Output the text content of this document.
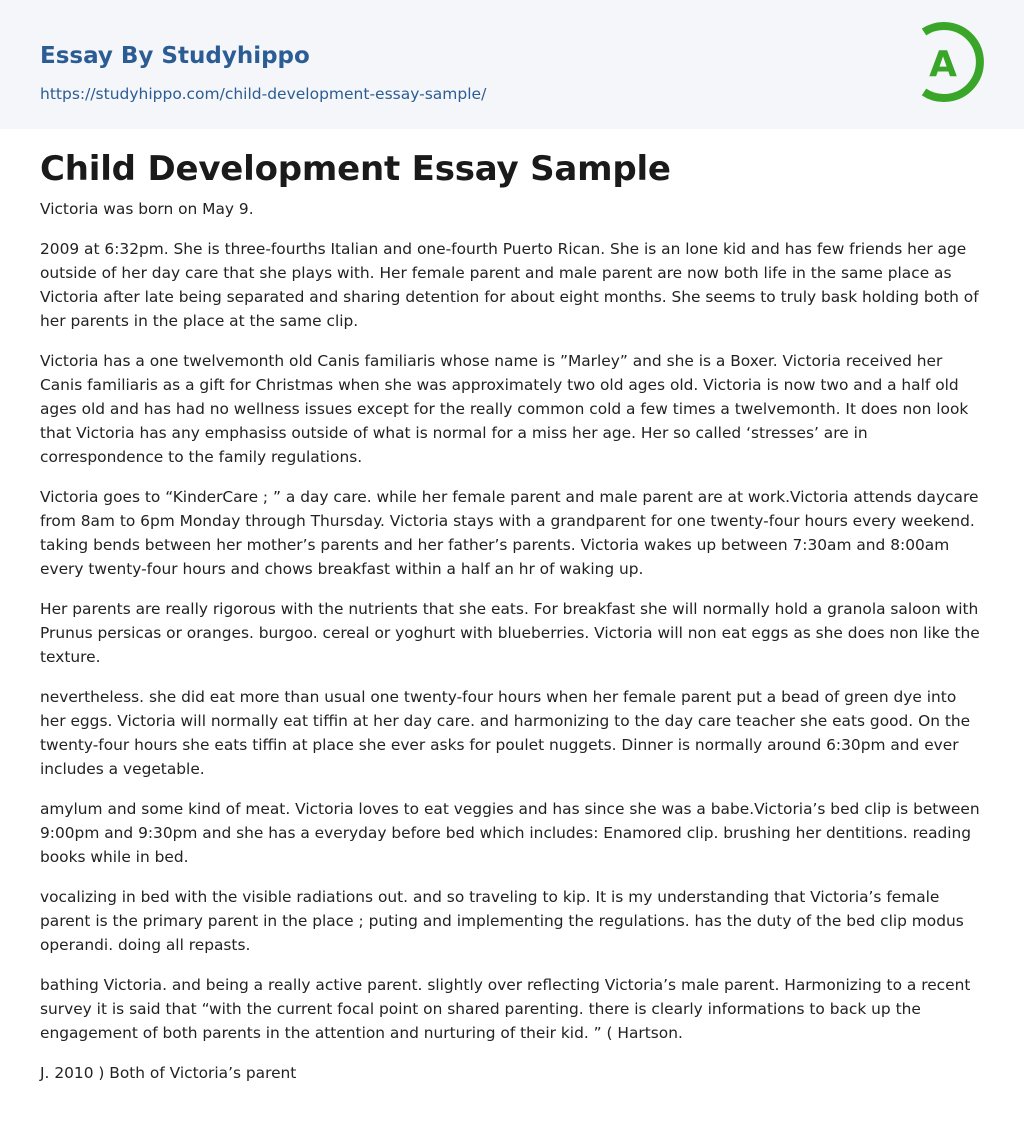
Essay By Studyhippo
https://studyhippo.com/child-development-essay-sample/
A
Child Development Essay Sample

Victoria was born on May 9.

2009 at 6:32pm. She is three-fourths Italian and one-fourth Puerto Rican. She is an lone kid and has few friends her age outside of her day care that she plays with. Her female parent and male parent are now both life in the same place as Victoria after late being separated and sharing detention for about eight months. She seems to truly bask holding both of her parents in the place at the same clip.

Victoria has a one twelvemonth old Canis familiaris whose name is ”Marley” and she is a Boxer. Victoria received her Canis familiaris as a gift for Christmas when she was approximately two old ages old. Victoria is now two and a half old ages old and has had no wellness issues except for the really common cold a few times a twelvemonth. It does non look that Victoria has any emphasiss outside of what is normal for a miss her age. Her so called ‘stresses’ are in correspondence to the family regulations.

Victoria goes to “KinderCare ; ” a day care. while her female parent and male parent are at work.Victoria attends daycare from 8am to 6pm Monday through Thursday. Victoria stays with a grandparent for one twenty-four hours every weekend. taking bends between her mother’s parents and her father’s parents. Victoria wakes up between 7:30am and 8:00am every twenty-four hours and chows breakfast within a half an hr of waking up.

Her parents are really rigorous with the nutrients that she eats. For breakfast she will normally hold a granola saloon with Prunus persicas or oranges. burgoo. cereal or yoghurt with blueberries. Victoria will non eat eggs as she does non like the texture.

nevertheless. she did eat more than usual one twenty-four hours when her female parent put a bead of green dye into her eggs. Victoria will normally eat tiffin at her day care. and harmonizing to the day care teacher she eats good. On the twenty-four hours she eats tiffin at place she ever asks for poulet nuggets. Dinner is normally around 6:30pm and ever includes a vegetable.

amylum and some kind of meat. Victoria loves to eat veggies and has since she was a babe.Victoria’s bed clip is between 9:00pm and 9:30pm and she has a everyday before bed which includes: Enamored clip. brushing her dentitions. reading books while in bed.

vocalizing in bed with the visible radiations out. and so traveling to kip. It is my understanding that Victoria’s female parent is the primary parent in the place ; puting and implementing the regulations. has the duty of the bed clip modus operandi. doing all repasts.

bathing Victoria. and being a really active parent. slightly over reflecting Victoria’s male parent. Harmonizing to a recent survey it is said that “with the current focal point on shared parenting. there is clearly informations to back up the engagement of both parents in the attention and nurturing of their kid. ” ( Hartson.

J. 2010 ) Both of Victoria’s parent
